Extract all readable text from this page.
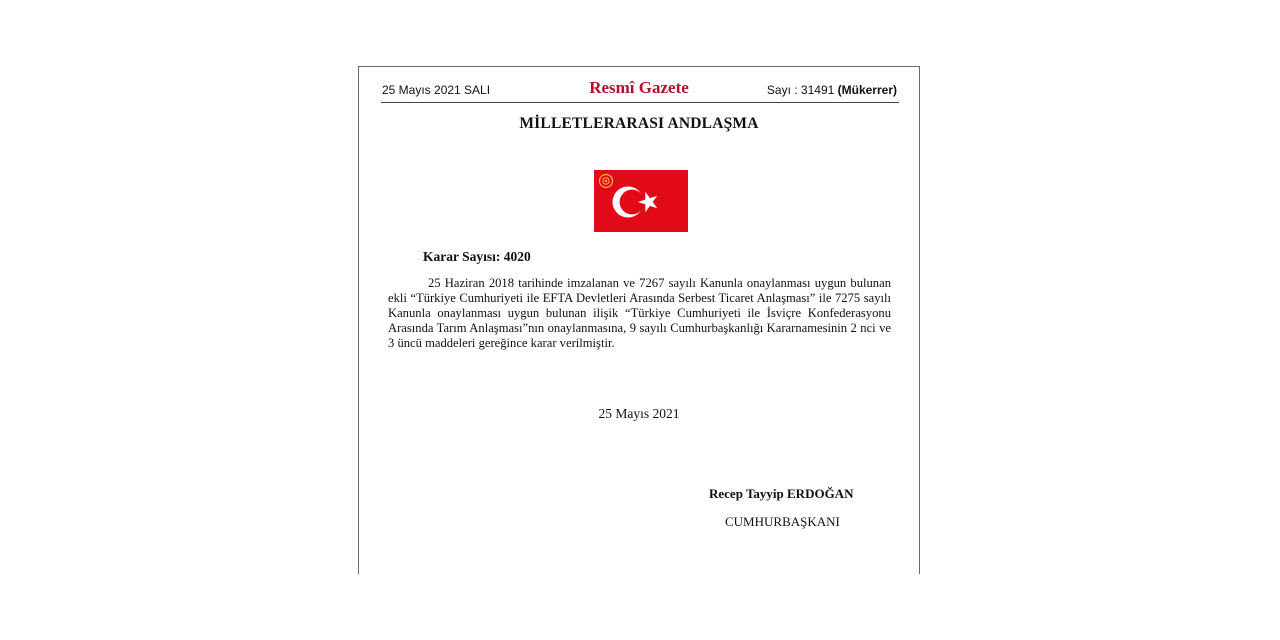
25 Mayıs 2021 SALI	Resmî Gazete	Sayı : 31491 (Mükerrer)
MİLLETLERARASI ANDLAŞMA
Karar Sayısı: 4020
25 Haziran 2018 tarihinde imzalanan ve 7267 sayılı Kanunla onaylanması uygun bulunan ekli “Türkiye Cumhuriyeti ile EFTA Devletleri Arasında Serbest Ticaret Anlaşması” ile 7275 sayılı Kanunla onaylanması uygun bulunan ilişik “Türkiye Cumhuriyeti ile İsviçre Konfederasyonu Arasında Tarım Anlaşması”nın onaylanmasına, 9 sayılı Cumhurbaşkanlığı Kararnamesinin 2 nci ve 3 üncü maddeleri gereğince karar verilmiştir.
25 Mayıs 2021
Recep Tayyip ERDOĞAN
CUMHURBAŞKANI
